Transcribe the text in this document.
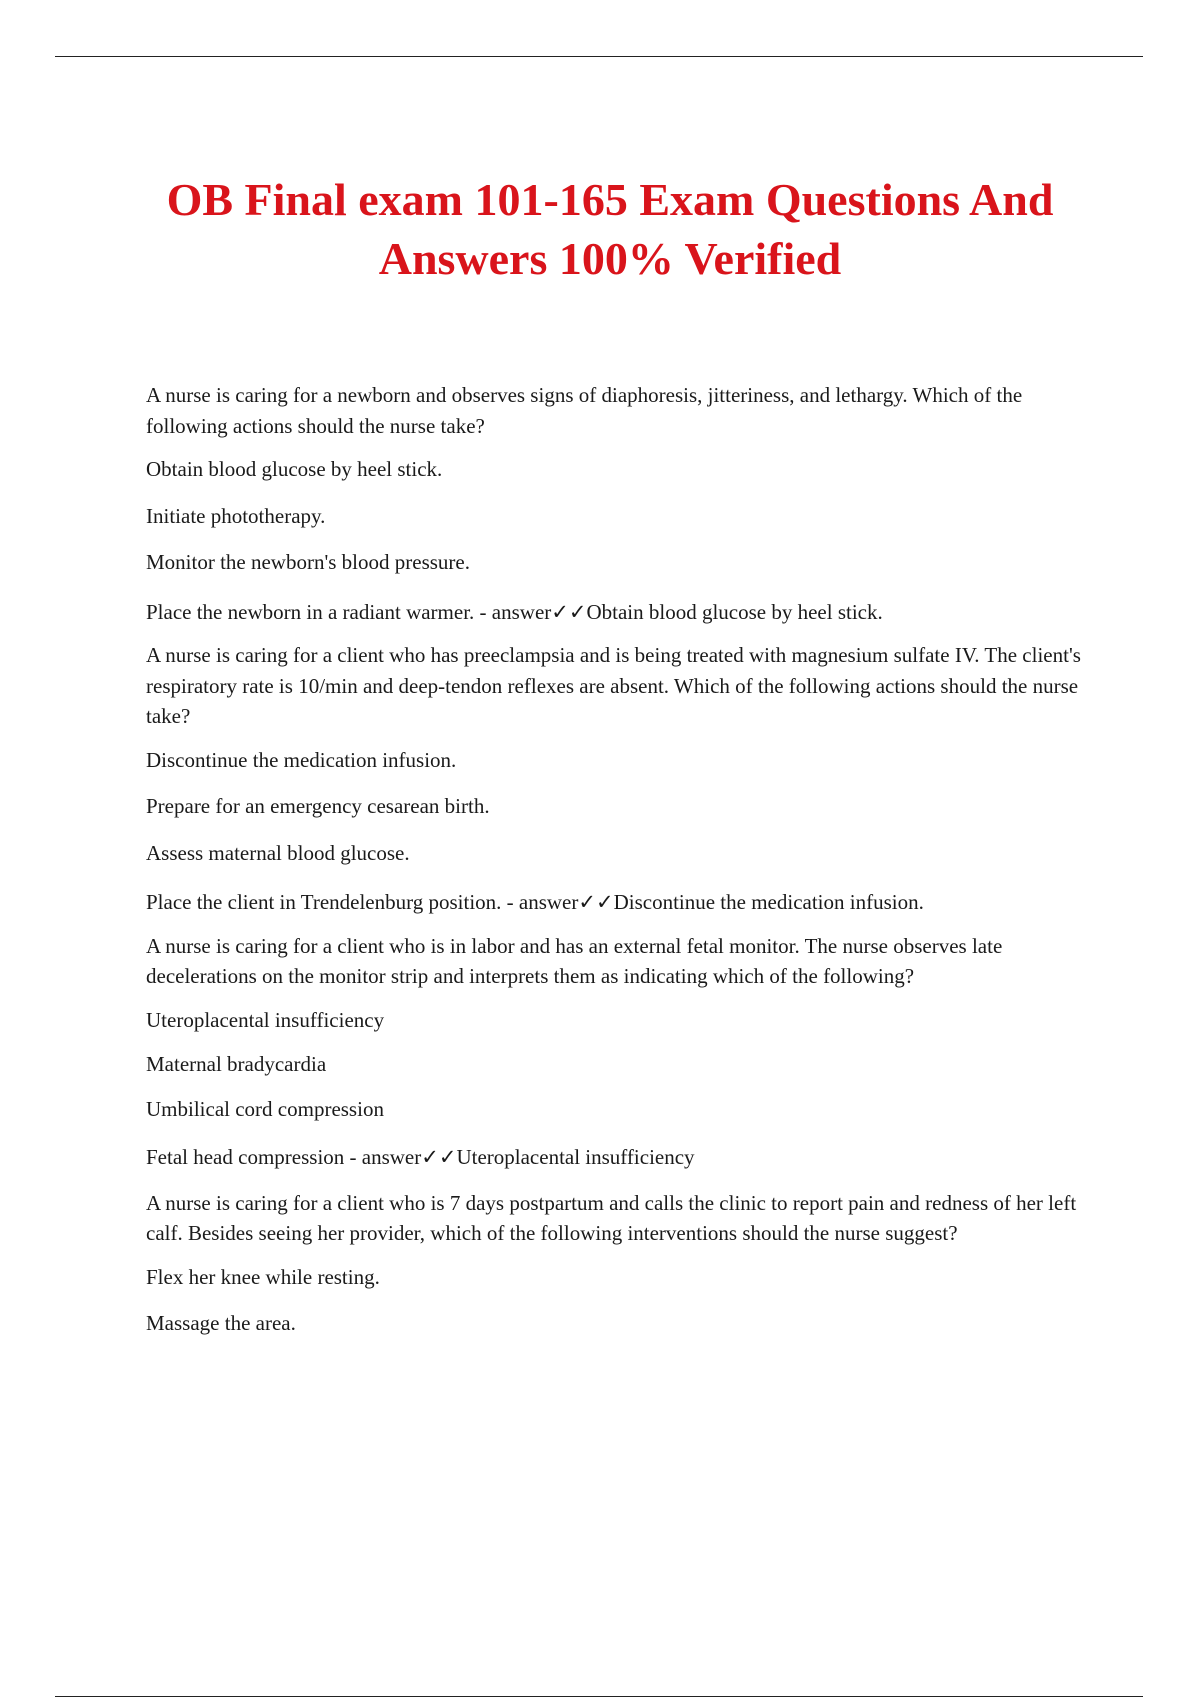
OB Final exam 101-165 Exam Questions And Answers 100% Verified

A nurse is caring for a newborn and observes signs of diaphoresis, jitteriness, and lethargy. Which of the following actions should the nurse take?

Obtain blood glucose by heel stick.

Initiate phototherapy.

Monitor the newborn's blood pressure.

Place the newborn in a radiant warmer. - answer✓✓Obtain blood glucose by heel stick.

A nurse is caring for a client who has preeclampsia and is being treated with magnesium sulfate IV. The client's respiratory rate is 10/min and deep-tendon reflexes are absent. Which of the following actions should the nurse take?

Discontinue the medication infusion.

Prepare for an emergency cesarean birth.

Assess maternal blood glucose.

Place the client in Trendelenburg position. - answer✓✓Discontinue the medication infusion.

A nurse is caring for a client who is in labor and has an external fetal monitor. The nurse observes late decelerations on the monitor strip and interprets them as indicating which of the following?

Uteroplacental insufficiency

Maternal bradycardia

Umbilical cord compression

Fetal head compression - answer✓✓Uteroplacental insufficiency

A nurse is caring for a client who is 7 days postpartum and calls the clinic to report pain and redness of her left calf. Besides seeing her provider, which of the following interventions should the nurse suggest?

Flex her knee while resting.

Massage the area.
